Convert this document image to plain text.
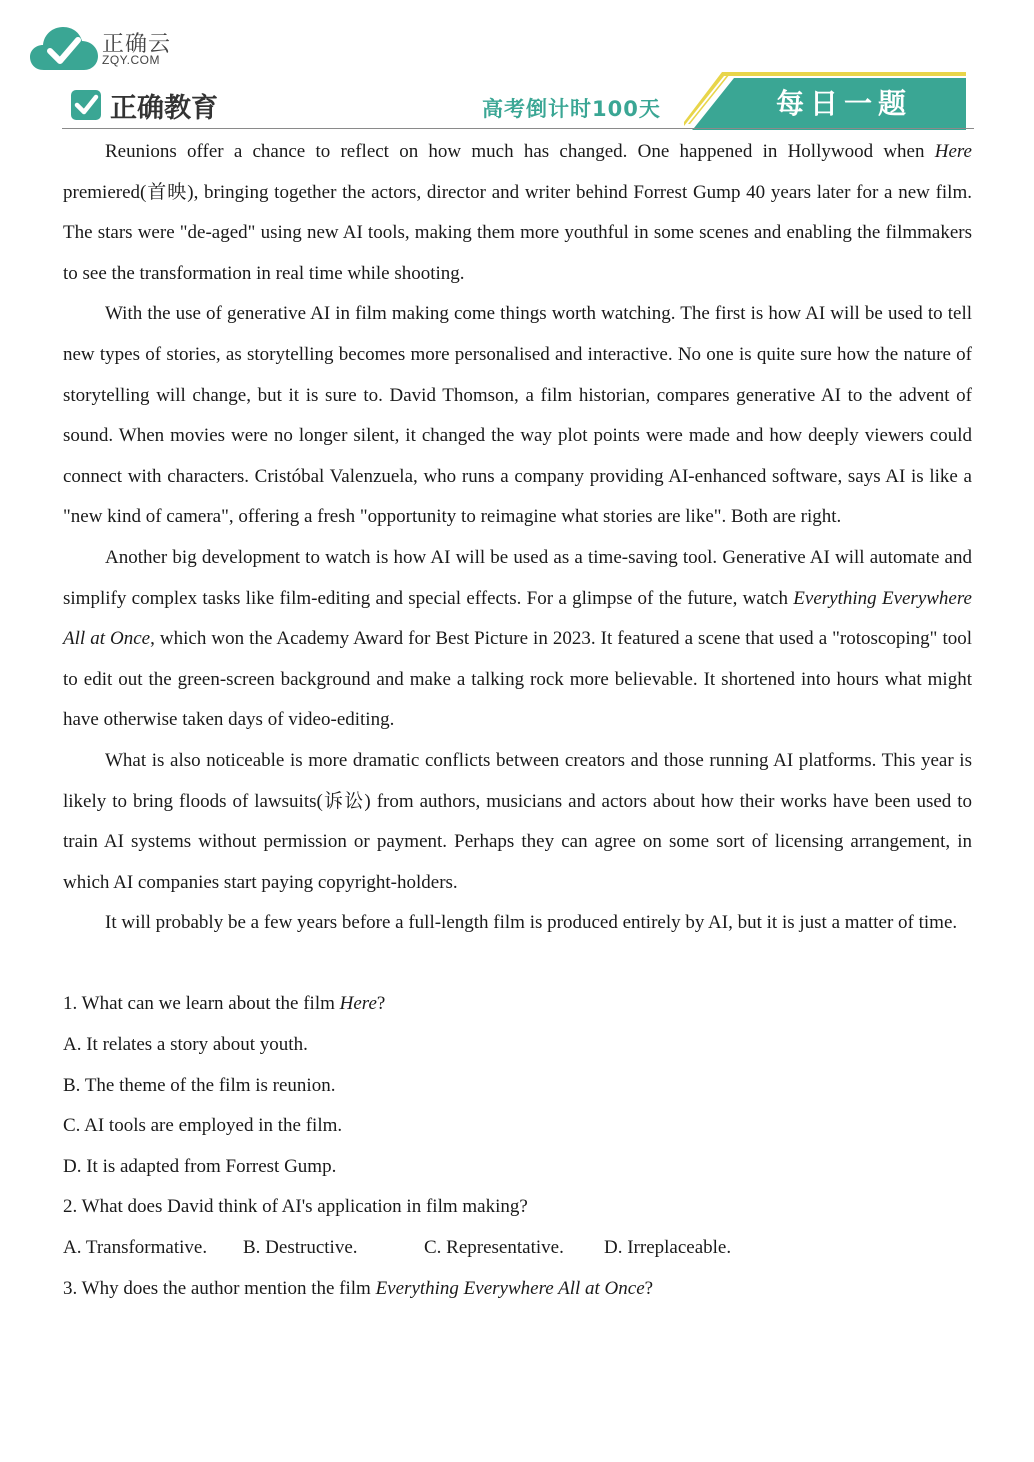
正确云
ZQY.COM
正确教育	高考倒计时100天	每日一题

Reunions offer a chance to reflect on how much has changed. One happened in Hollywood when Here premiered(首映), bringing together the actors, director and writer behind Forrest Gump 40 years later for a new film. The stars were "de-aged" using new AI tools, making them more youthful in some scenes and enabling the filmmakers to see the transformation in real time while shooting.

With the use of generative AI in film making come things worth watching. The first is how AI will be used to tell new types of stories, as storytelling becomes more personalised and interactive. No one is quite sure how the nature of storytelling will change, but it is sure to. David Thomson, a film historian, compares generative AI to the advent of sound. When movies were no longer silent, it changed the way plot points were made and how deeply viewers could connect with characters. Cristóbal Valenzuela, who runs a company providing AI-enhanced software, says AI is like a "new kind of camera", offering a fresh "opportunity to reimagine what stories are like". Both are right.

Another big development to watch is how AI will be used as a time-saving tool. Generative AI will automate and simplify complex tasks like film-editing and special effects. For a glimpse of the future, watch Everything Everywhere All at Once, which won the Academy Award for Best Picture in 2023. It featured a scene that used a "rotoscoping" tool to edit out the green-screen background and make a talking rock more believable. It shortened into hours what might have otherwise taken days of video-editing.

What is also noticeable is more dramatic conflicts between creators and those running AI platforms. This year is likely to bring floods of lawsuits(诉讼) from authors, musicians and actors about how their works have been used to train AI systems without permission or payment. Perhaps they can agree on some sort of licensing arrangement, in which AI companies start paying copyright-holders.

It will probably be a few years before a full-length film is produced entirely by AI, but it is just a matter of time.

1. What can we learn about the film Here?

A. It relates a story about youth.

B. The theme of the film is reunion.

C. AI tools are employed in the film.

D. It is adapted from Forrest Gump.

2. What does David think of AI's application in film making?

A. Transformative. B. Destructive.	C. Representative. D. Irreplaceable.

3. Why does the author mention the film Everything Everywhere All at Once?
